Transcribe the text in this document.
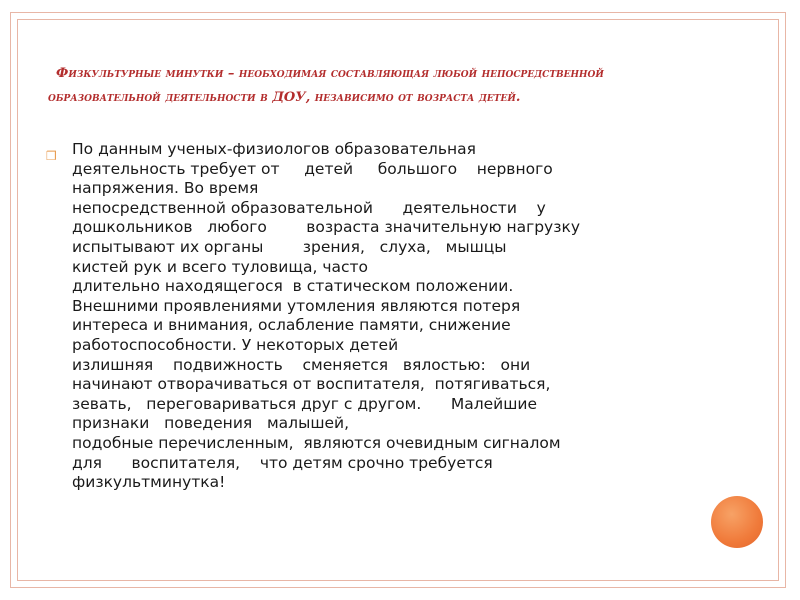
Физкультурные минутки – необходимая составляющая любой непосредственной
образовательной деятельности в ДОУ, независимо от возраста детей.
❒ По данным ученых-физиологов образовательная
деятельность требует от     детей     большого    нервного
напряжения. Во время
непосредственной образовательной      деятельности    у
дошкольников   любого        возраста значительную нагрузку
испытывают их органы        зрения,   слуха,   мышцы
кистей рук и всего туловища, часто
длительно находящегося  в статическом положении.
Внешними проявлениями утомления являются потеря
интереса и внимания, ослабление памяти, снижение
работоспособности. У некоторых детей
излишняя    подвижность    сменяется   вялостью:   они
начинают отворачиваться от воспитателя,  потягиваться,
зевать,   переговариваться друг с другом.      Малейшие
признаки   поведения   малышей,
подобные перечисленным,  являются очевидным сигналом
для      воспитателя,    что детям срочно требуется
физкультминутка!
